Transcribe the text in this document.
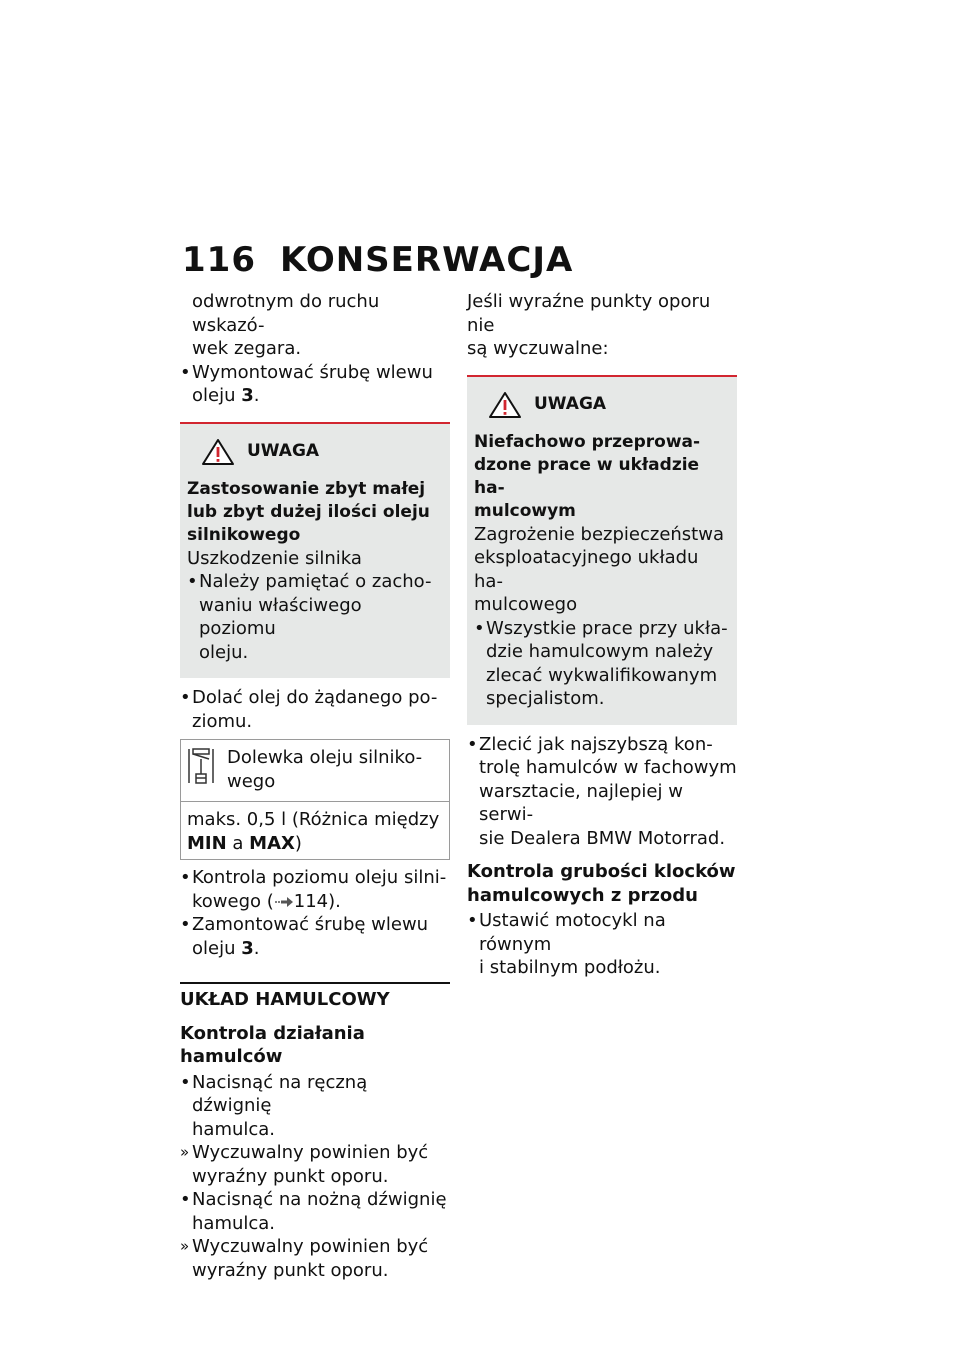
116 KONSERWACJA

odwrotnym do ruchu wskazó-
wek zegara.

• Wymontować śrubę wlewu
oleju 3.

UWAGA
Zastosowanie zbyt małej
lub zbyt dużej ilości oleju
silnikowego
Uszkodzenie silnika
• Należy pamiętać o zacho-
waniu właściwego poziomu
oleju.

• Dolać olej do żądanego po-
ziomu.

Dolewka oleju silniko-
wego
maks. 0,5 l (Różnica między
MIN a MAX)

• Kontrola poziomu oleju silni-
kowego ( 114).

• Zamontować śrubę wlewu
oleju 3.

UKŁAD HAMULCOWY
Kontrola działania hamulców

• Nacisnąć na ręczną dźwignię
hamulca.

» Wyczuwalny powinien być
wyraźny punkt oporu.

• Nacisnąć na nożną dźwignię
hamulca.

» Wyczuwalny powinien być
wyraźny punkt oporu.

Jeśli wyraźne punkty oporu nie
są wyczuwalne:

UWAGA
Niefachowo przeprowa-
dzone prace w układzie ha-
mulcowym
Zagrożenie bezpieczeństwa
eksploatacyjnego układu ha-
mulcowego
• Wszystkie prace przy ukła-
dzie hamulcowym należy
zlecać wykwalifikowanym
specjalistom.

• Zlecić jak najszybszą kon-
trolę hamulców w fachowym
warsztacie, najlepiej w serwi-
sie Dealera BMW Motorrad.

Kontrola grubości klocków
hamulcowych z przodu

• Ustawić motocykl na równym
i stabilnym podłożu.
